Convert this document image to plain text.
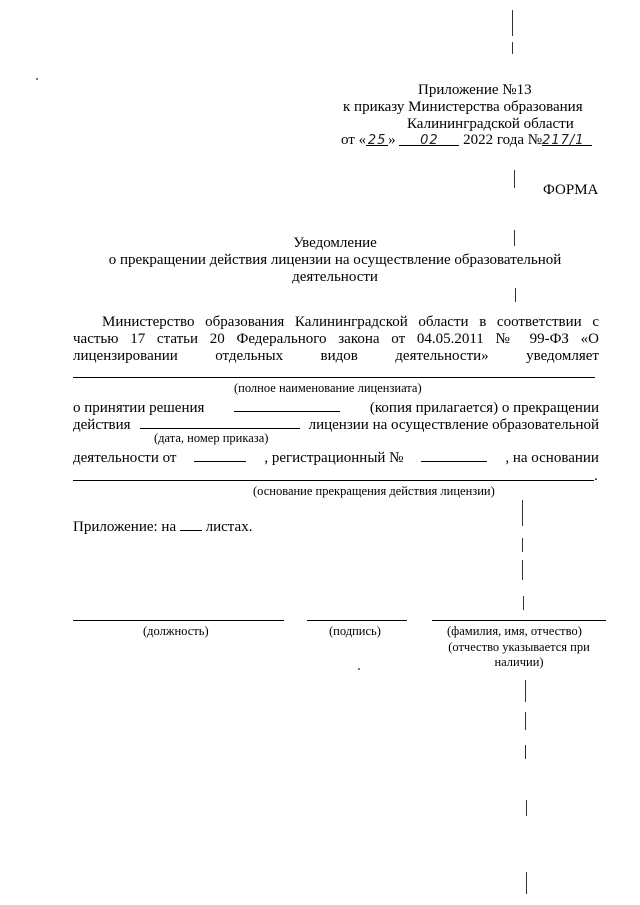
Приложение №13
к приказу Министерства образования
Калининградской области
от « 25 » 02 2022 года №217/1
ФОРМА
Уведомление
о прекращении действия лицензии на осуществление образовательной
деятельности
Министерство образования Калининградской области в соответствии с
частью 17 статьи 20 Федерального закона от 04.05.2011 № 99-ФЗ «О
лицензировании отдельных видов деятельности» уведомляет
(полное наименование лицензиата)
о принятии решения	(копия прилагается) о прекращении
действия	лицензии на осуществление образовательной
(дата, номер приказа)
деятельности от	, регистрационный №	, на основании
.
(основание прекращения действия лицензии)
Приложение: на листах.
(должность)	(подпись)	(фамилия, имя, отчество)
(отчество указывается при
наличии)
